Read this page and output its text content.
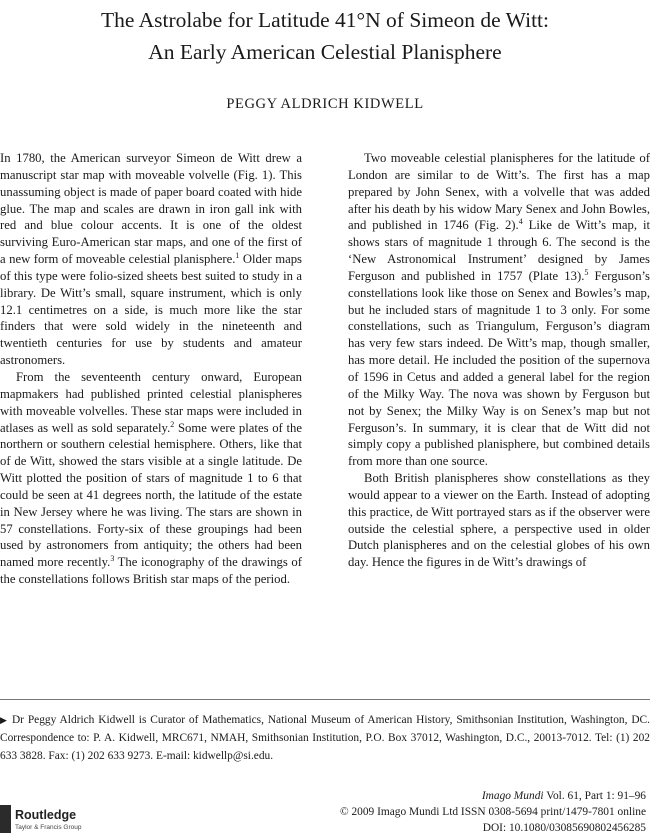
The Astrolabe for Latitude 41°N of Simeon de Witt:
An Early American Celestial Planisphere

PEGGY ALDRICH KIDWELL

In 1780, the American surveyor Simeon de Witt drew a manuscript star map with moveable volvelle (Fig. 1). This unassuming object is made of paper board coated with hide glue. The map and scales are drawn in iron gall ink with red and blue colour accents. It is one of the oldest surviving Euro-American star maps, and one of the first of a new form of moveable celestial planisphere.$^1$ Older maps of this type were folio-sized sheets best suited to study in a library. De Witt’s small, square instrument, which is only 12.1 centimetres on a side, is much more like the star finders that were sold widely in the nineteenth and twentieth centuries for use by students and amateur astronomers.

From the seventeenth century onward, European mapmakers had published printed celestial planispheres with moveable volvelles. These star maps were included in atlases as well as sold separately.$^2$ Some were plates of the northern or southern celestial hemisphere. Others, like that of de Witt, showed the stars visible at a single latitude. De Witt plotted the position of stars of magnitude 1 to 6 that could be seen at 41 degrees north, the latitude of the estate in New Jersey where he was living. The stars are shown in 57 constellations. Forty-six of these groupings had been used by astronomers from antiquity; the others had been named more recently.$^3$ The iconography of the drawings of the constellations follows British star maps of the period.

Two moveable celestial planispheres for the latitude of London are similar to de Witt’s. The first has a map prepared by John Senex, with a volvelle that was added after his death by his widow Mary Senex and John Bowles, and published in 1746 (Fig. 2).$^4$ Like de Witt’s map, it shows stars of magnitude 1 through 6. The second is the ‘New Astronomical Instrument’ designed by James Ferguson and published in 1757 (Plate 13).$^5$ Ferguson’s constellations look like those on Senex and Bowles’s map, but he included stars of magnitude 1 to 3 only. For some constellations, such as Triangulum, Ferguson’s diagram has very few stars indeed. De Witt’s map, though smaller, has more detail. He included the position of the supernova of 1596 in Cetus and added a general label for the region of the Milky Way. The nova was shown by Ferguson but not by Senex; the Milky Way is on Senex’s map but not Ferguson’s. In summary, it is clear that de Witt did not simply copy a published planisphere, but combined details from more than one source.

Both British planispheres show constellations as they would appear to a viewer on the Earth. Instead of adopting this practice, de Witt portrayed stars as if the observer were outside the celestial sphere, a perspective used in older Dutch planispheres and on the celestial globes of his own day. Hence the figures in de Witt’s drawings of

▶ Dr Peggy Aldrich Kidwell is Curator of Mathematics, National Museum of American History, Smithsonian Institution, Washington, DC. Correspondence to: P. A. Kidwell, MRC671, NMAH, Smithsonian Institution, P.O. Box 37012, Washington, D.C., 20013-7012. Tel: (1) 202 633 3828. Fax: (1) 202 633 9273. E-mail: kidwellp@si.edu.

Routledge
Taylor & Francis Group
Imago Mundi Vol. 61, Part 1: 91–96
© 2009 Imago Mundi Ltd ISSN 0308-5694 print/1479-7801 online
DOI: 10.1080/03085690802456285
